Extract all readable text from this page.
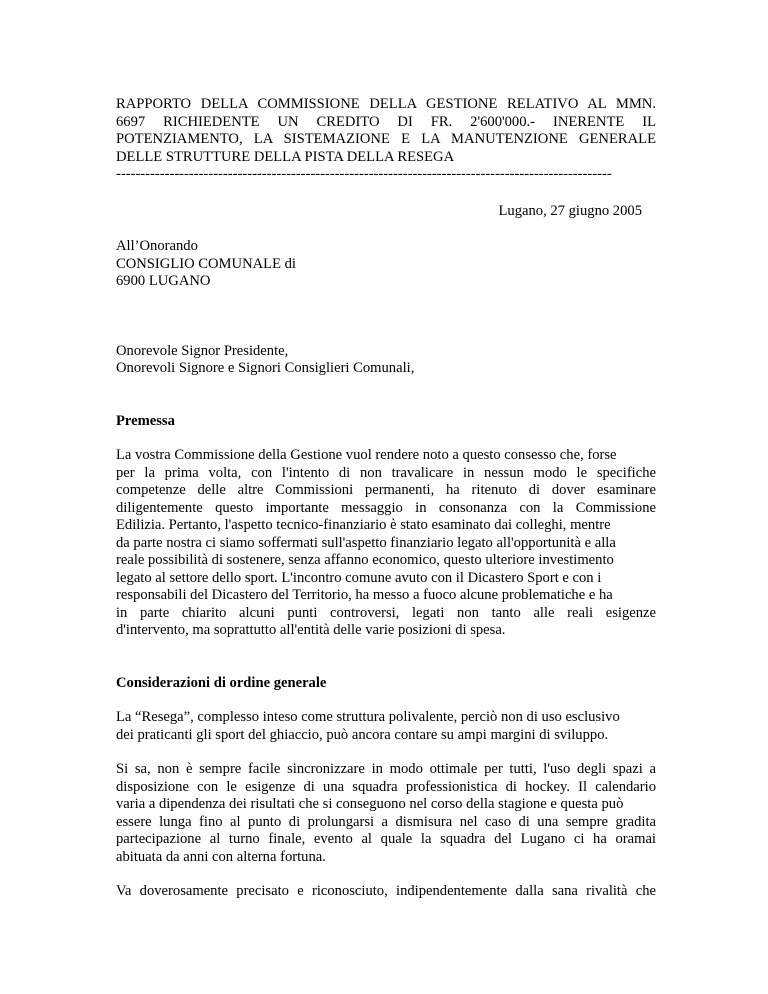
RAPPORTO DELLA COMMISSIONE DELLA GESTIONE RELATIVO AL MMN.
6697 RICHIEDENTE UN CREDITO DI FR. 2'600'000.- INERENTE IL
POTENZIAMENTO, LA SISTEMAZIONE E LA MANUTENZIONE GENERALE
DELLE STRUTTURE DELLA PISTA DELLA RESEGA
------------------------------------------------------------------------------------------------------
Lugano, 27 giugno 2005
All’Onorando
CONSIGLIO COMUNALE di
6900 LUGANO
Onorevole Signor Presidente,
Onorevoli Signore e Signori Consiglieri Comunali,
Premessa
La vostra Commissione della Gestione vuol rendere noto a questo consesso che, forse
per la prima volta, con l'intento di non travalicare in nessun modo le specifiche
competenze delle altre Commissioni permanenti, ha ritenuto di dover esaminare
diligentemente questo importante messaggio in consonanza con la Commissione
Edilizia. Pertanto, l'aspetto tecnico-finanziario è stato esaminato dai colleghi, mentre
da parte nostra ci siamo soffermati sull'aspetto finanziario legato all'opportunità e alla
reale possibilità di sostenere, senza affanno economico, questo ulteriore investimento
legato al settore dello sport. L'incontro comune avuto con il Dicastero Sport e con i
responsabili del Dicastero del Territorio, ha messo a fuoco alcune problematiche e ha
in parte chiarito alcuni punti controversi, legati non tanto alle reali esigenze
d'intervento, ma soprattutto all'entità delle varie posizioni di spesa.
Considerazioni di ordine generale
La “Resega”, complesso inteso come struttura polivalente, perciò non di uso esclusivo
dei praticanti gli sport del ghiaccio, può ancora contare su ampi margini di sviluppo.
Si sa, non è sempre facile sincronizzare in modo ottimale per tutti, l'uso degli spazi a
disposizione con le esigenze di una squadra professionistica di hockey. Il calendario
varia a dipendenza dei risultati che si conseguono nel corso della stagione e questa può
essere lunga fino al punto di prolungarsi a dismisura nel caso di una sempre gradita
partecipazione al turno finale, evento al quale la squadra del Lugano ci ha oramai
abituata da anni con alterna fortuna.
Va doverosamente precisato e riconosciuto, indipendentemente dalla sana rivalità che
